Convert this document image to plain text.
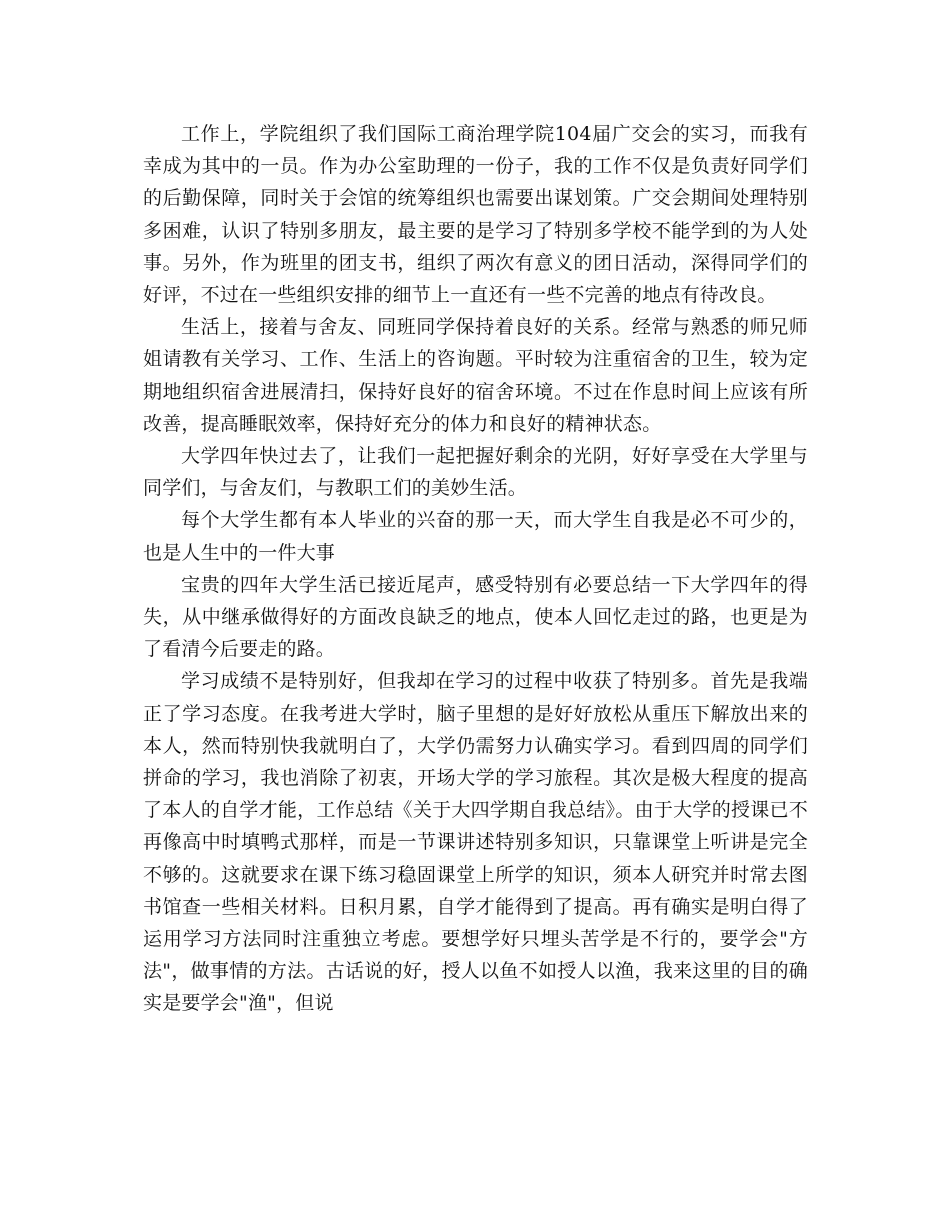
工作上，学院组织了我们国际工商治理学院104届广交会的实习，而我有幸成为其中的一员。作为办公室助理的一份子，我的工作不仅是负责好同学们的后勤保障，同时关于会馆的统筹组织也需要出谋划策。广交会期间处理特别多困难，认识了特别多朋友，最主要的是学习了特别多学校不能学到的为人处事。另外，作为班里的团支书，组织了两次有意义的团日活动，深得同学们的好评，不过在一些组织安排的细节上一直还有一些不完善的地点有待改良。

生活上，接着与舍友、同班同学保持着良好的关系。经常与熟悉的师兄师姐请教有关学习、工作、生活上的咨询题。平时较为注重宿舍的卫生，较为定期地组织宿舍进展清扫，保持好良好的宿舍环境。不过在作息时间上应该有所改善，提高睡眠效率，保持好充分的体力和良好的精神状态。

大学四年快过去了，让我们一起把握好剩余的光阴，好好享受在大学里与同学们，与舍友们，与教职工们的美妙生活。

每个大学生都有本人毕业的兴奋的那一天，而大学生自我是必不可少的，也是人生中的一件大事

宝贵的四年大学生活已接近尾声，感受特别有必要总结一下大学四年的得失，从中继承做得好的方面改良缺乏的地点，使本人回忆走过的路，也更是为了看清今后要走的路。

学习成绩不是特别好，但我却在学习的过程中收获了特别多。首先是我端正了学习态度。在我考进大学时，脑子里想的是好好放松从重压下解放出来的本人，然而特别快我就明白了，大学仍需努力认确实学习。看到四周的同学们拼命的学习，我也消除了初衷，开场大学的学习旅程。其次是极大程度的提高了本人的自学才能，工作总结《关于大四学期自我总结》。由于大学的授课已不再像高中时填鸭式那样，而是一节课讲述特别多知识，只靠课堂上听讲是完全不够的。这就要求在课下练习稳固课堂上所学的知识，须本人研究并时常去图书馆查一些相关材料。日积月累，自学才能得到了提高。再有确实是明白得了运用学习方法同时注重独立考虑。要想学好只埋头苦学是不行的，要学会"方法"，做事情的方法。古话说的好，授人以鱼不如授人以渔，我来这里的目的确实是要学会"渔"，但说
